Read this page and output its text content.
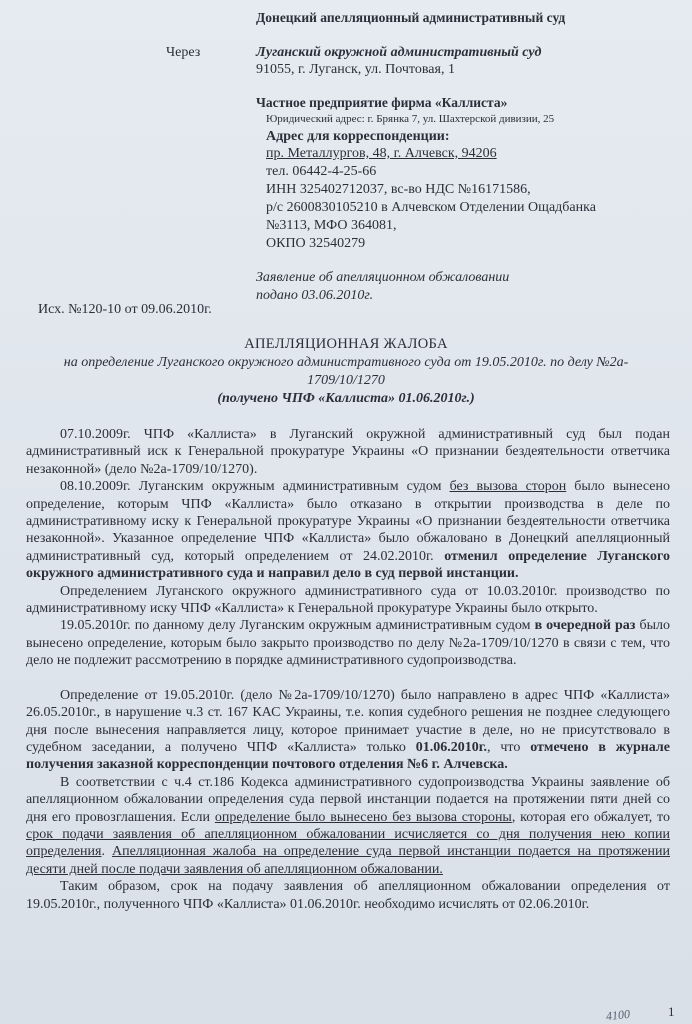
Донецкий апелляционный административный суд
Через	Луганский окружной административный суд
91055, г. Луганск, ул. Почтовая, 1
Частное предприятие фирма «Каллиста»
Юридический адрес: г. Брянка 7, ул. Шахтерской дивизии, 25
Адрес для корреспонденции:
пр. Металлургов, 48, г. Алчевск, 94206
тел. 06442-4-25-66
ИНН 325402712037, вс-во НДС №16171586,
р/с 2600830105210 в Алчевском Отделении Ощадбанка
№3113, МФО 364081,
ОКПО 32540279
Заявление об апелляционном обжаловании
подано 03.06.2010г.
Исх. №120-10 от 09.06.2010г.
АПЕЛЛЯЦИОННАЯ ЖАЛОБА
на определение Луганского окружного административного суда от 19.05.2010г. по делу №2а-
1709/10/1270
(получено ЧПФ «Каллиста» 01.06.2010г.)

07.10.2009г. ЧПФ «Каллиста» в Луганский окружной административный суд был подан административный иск к Генеральной прокуратуре Украины «О признании бездеятельности ответчика незаконной» (дело №2а-1709/10/1270).

08.10.2009г. Луганским окружным административным судом без вызова сторон было вынесено определение, которым ЧПФ «Каллиста» было отказано в открытии производства в деле по административному иску к Генеральной прокуратуре Украины «О признании бездеятельности ответчика незаконной». Указанное определение ЧПФ «Каллиста» было обжаловано в Донецкий апелляционный административный суд, который определением от 24.02.2010г. отменил определение Луганского окружного административного суда и направил дело в суд первой инстанции.

Определением Луганского окружного административного суда от 10.03.2010г. производство по административному иску ЧПФ «Каллиста» к Генеральной прокуратуре Украины было открыто.

19.05.2010г. по данному делу Луганским окружным административным судом в очередной раз было вынесено определение, которым было закрыто производство по делу №2а-1709/10/1270 в связи с тем, что дело не подлежит рассмотрению в порядке административного судопроизводства.

Определение от 19.05.2010г. (дело №2а-1709/10/1270) было направлено в адрес ЧПФ «Каллиста» 26.05.2010г., в нарушение ч.3 ст. 167 КАС Украины, т.е. копия судебного решения не позднее следующего дня после вынесения направляется лицу, которое принимает участие в деле, но не присутствовало в судебном заседании, а получено ЧПФ «Каллиста» только 01.06.2010г., что отмечено в журнале получения заказной корреспонденции почтового отделения №6 г. Алчевска.

В соответствии с ч.4 ст.186 Кодекса административного судопроизводства Украины заявление об апелляционном обжаловании определения суда первой инстанции подается на протяжении пяти дней со дня его провозглашения. Если определение было вынесено без вызова стороны, которая его обжалует, то срок подачи заявления об апелляционном обжаловании исчисляется со дня получения нею копии определения. Апелляционная жалоба на определение суда первой инстанции подается на протяжении десяти дней после подачи заявления об апелляционном обжаловании.

Таким образом, срок на подачу заявления об апелляционном обжаловании определения от 19.05.2010г., полученного ЧПФ «Каллиста» 01.06.2010г. необходимо исчислять от 02.06.2010г.

1
4100
